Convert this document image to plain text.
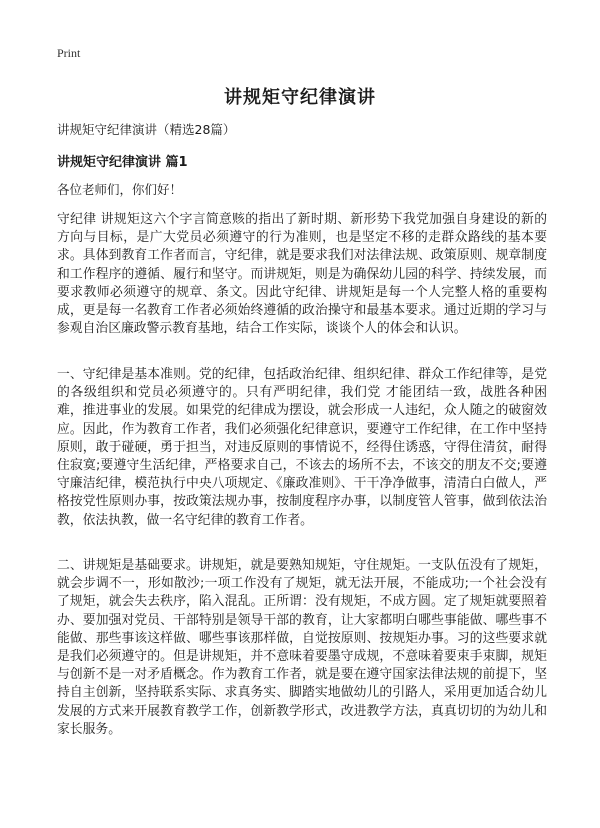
Print
讲规矩守纪律演讲
讲规矩守纪律演讲（精选28篇）
讲规矩守纪律演讲 篇1
各位老师们，你们好！

守纪律 讲规矩这六个字言简意赅的指出了新时期、新形势下我党加强自身建设的新的方向与目标，是广大党员必须遵守的行为准则，也是坚定不移的走群众路线的基本要求。具体到教育工作者而言，守纪律，就是要求我们对法律法规、政策原则、规章制度和工作程序的遵循、履行和坚守。而讲规矩，则是为确保幼儿园的科学、持续发展，而要求教师必须遵守的规章、条文。因此守纪律、讲规矩是每一个人完整人格的重要构成，更是每一名教育工作者必须始终遵循的政治操守和最基本要求。通过近期的学习与参观自治区廉政警示教育基地，结合工作实际，谈谈个人的体会和认识。

一、守纪律是基本准则。党的纪律，包括政治纪律、组织纪律、群众工作纪律等，是党的各级组织和党员必须遵守的。只有严明纪律，我们党 才能团结一致，战胜各种困难，推进事业的发展。如果党的纪律成为摆设，就会形成一人违纪，众人随之的破窗效应。因此，作为教育工作者，我们必须强化纪律意识，要遵守工作纪律，在工作中坚持原则，敢于碰硬，勇于担当，对违反原则的事情说不，经得住诱惑，守得住清贫，耐得住寂寞;要遵守生活纪律，严格要求自己，不该去的场所不去，不该交的朋友不交;要遵守廉洁纪律，模范执行中央八项规定、《廉政准则》、干干净净做事，清清白白做人，严格按党性原则办事，按政策法规办事，按制度程序办事，以制度管人管事，做到依法治教，依法执教，做一名守纪律的教育工作者。

二、讲规矩是基础要求。讲规矩，就是要熟知规矩，守住规矩。一支队伍没有了规矩，就会步调不一，形如散沙;一项工作没有了规矩，就无法开展，不能成功;一个社会没有了规矩，就会失去秩序，陷入混乱。正所谓：没有规矩，不成方圆。定了规矩就要照着办、要加强对党员、干部特别是领导干部的教育，让大家都明白哪些事能做、哪些事不能做、那些事该这样做、哪些事该那样做，自觉按原则、按规矩办事。习的这些要求就是我们必须遵守的。但是讲规矩，并不意味着要墨守成规，不意味着要束手束脚，规矩与创新不是一对矛盾概念。作为教育工作者，就是要在遵守国家法律法规的前提下，坚持自主创新，坚持联系实际、求真务实、脚踏实地做幼儿的引路人，采用更加适合幼儿发展的方式来开展教育教学工作，创新教学形式，改进教学方法，真真切切的为幼儿和家长服务。
